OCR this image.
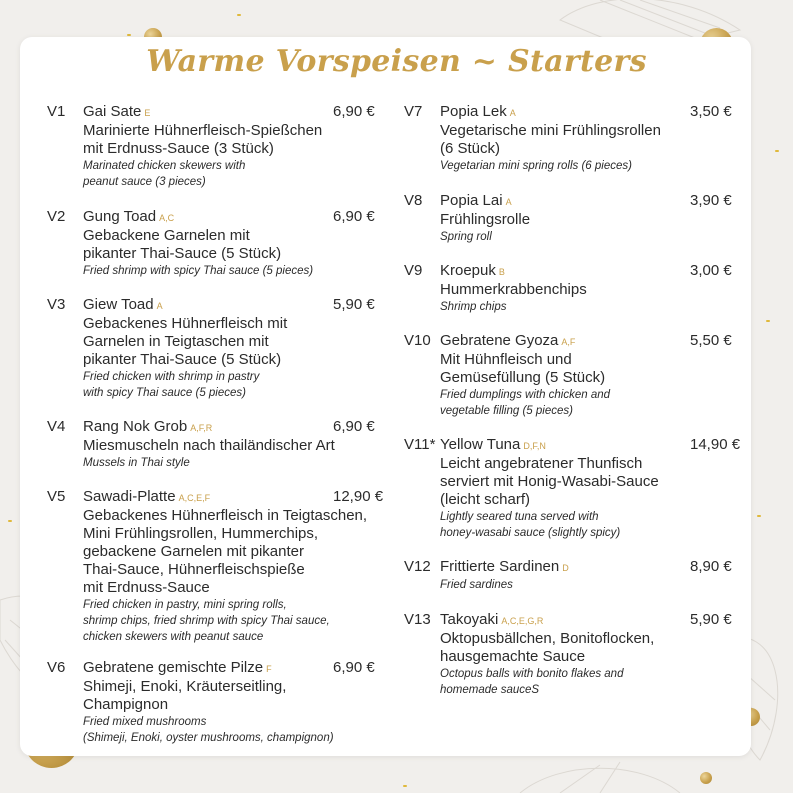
Warme Vorspeisen ~ Starters
V1 Gai Sate E
Marinierte Hühnerfleisch-Spießchen
mit Erdnuss-Sauce (3 Stück)
Marinated chicken skewers with
peanut sauce (3 pieces)
6,90 €
V2 Gung Toad A,C
Gebackene Garnelen mit
pikanter Thai-Sauce (5 Stück)
Fried shrimp with spicy Thai sauce (5 pieces)
6,90 €
V3 Giew Toad A
Gebackenes Hühnerfleisch mit
Garnelen in Teigtaschen mit
pikanter Thai-Sauce (5 Stück)
Fried chicken with shrimp in pastry
with spicy Thai sauce (5 pieces)
5,90 €
V4 Rang Nok Grob A,F,R
Miesmuscheln nach thailändischer Art
Mussels in Thai style
6,90 €
V5 Sawadi-Platte A,C,E,F
Gebackenes Hühnerfleisch in Teigtaschen,
Mini Frühlingsrollen, Hummerchips,
gebackene Garnelen mit pikanter
Thai-Sauce, Hühnerfleischspieße
mit Erdnuss-Sauce
Fried chicken in pastry, mini spring rolls,
shrimp chips, fried shrimp with spicy Thai sauce,
chicken skewers with peanut sauce
12,90 €
V6 Gebratene gemischte Pilze F
Shimeji, Enoki, Kräuterseitling,
Champignon
Fried mixed mushrooms
(Shimeji, Enoki, oyster mushrooms, champignon)
6,90 €
V7 Popia Lek A
Vegetarische mini Frühlingsrollen
(6 Stück)
Vegetarian mini spring rolls (6 pieces)
3,50 €
V8 Popia Lai A
Frühlingsrolle
Spring roll
3,90 €
V9 Kroepuk B
Hummerkrabbenchips
Shrimp chips
3,00 €
V10 Gebratene Gyoza A,F
Mit Hühnfleisch und
Gemüsefüllung (5 Stück)
Fried dumplings with chicken and
vegetable filling (5 pieces)
5,50 €
V11* Yellow Tuna D,F,N
Leicht angebratener Thunfisch
serviert mit Honig-Wasabi-Sauce
(leicht scharf)
Lightly seared tuna served with
honey-wasabi sauce (slightly spicy)
14,90 €
V12 Frittierte Sardinen D
Fried sardines
8,90 €
V13 Takoyaki A,C,E,G,R
Oktopusbällchen, Bonitoflocken,
hausgemachte Sauce
Octopus balls with bonito flakes and
homemade sauceS
5,90 €
